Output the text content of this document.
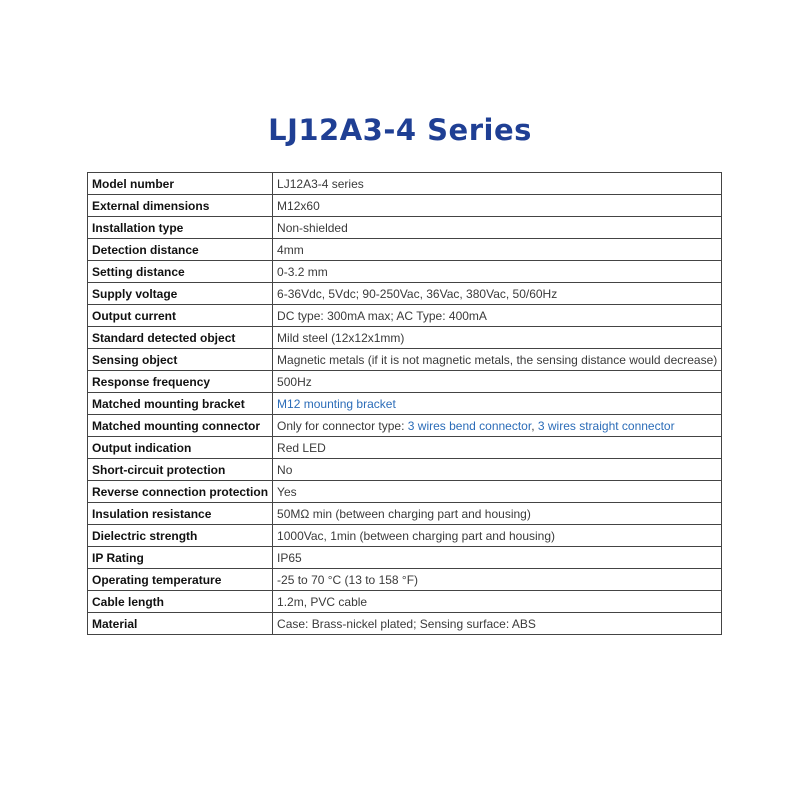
LJ12A3-4 Series
Model number	LJ12A3-4 series
External dimensions	M12x60
Installation type	Non-shielded
Detection distance	4mm
Setting distance	0-3.2 mm
Supply voltage	6-36Vdc, 5Vdc; 90-250Vac, 36Vac, 380Vac, 50/60Hz
Output current	DC type: 300mA max; AC Type: 400mA
Standard detected object	Mild steel (12x12x1mm)
Sensing object	Magnetic metals (if it is not magnetic metals, the sensing distance would decrease)
Response frequency	500Hz
Matched mounting bracket	M12 mounting bracket
Matched mounting connector	Only for connector type: 3 wires bend connector, 3 wires straight connector
Output indication	Red LED
Short-circuit protection	No
Reverse connection protection	Yes
Insulation resistance	50MΩ min (between charging part and housing)
Dielectric strength	1000Vac, 1min (between charging part and housing)
IP Rating	IP65
Operating temperature	-25 to 70 °C (13 to 158 °F)
Cable length	1.2m, PVC cable
Material	Case: Brass-nickel plated; Sensing surface: ABS
